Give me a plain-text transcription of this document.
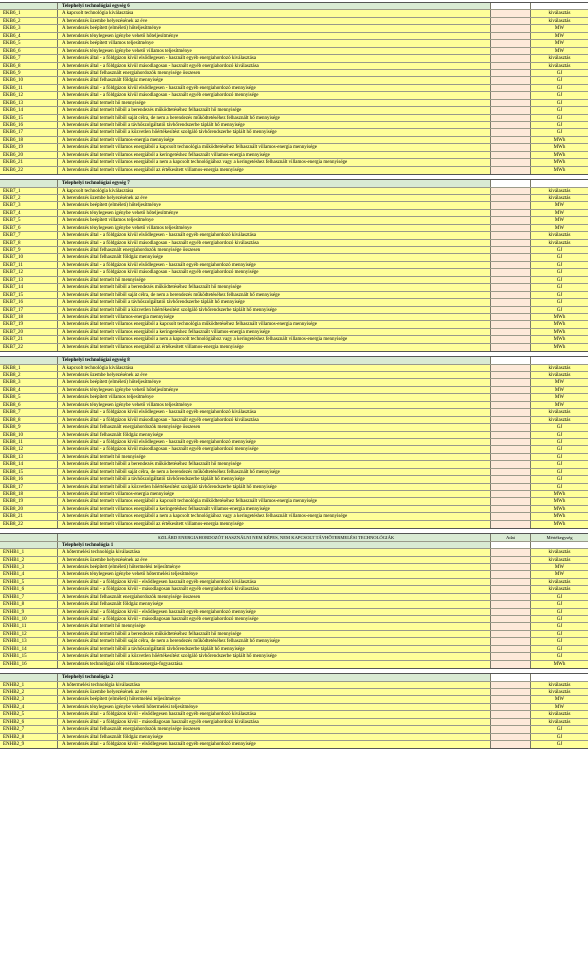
Telephelyi technológiai egység 6
ÉKB6_1	A kapcsolt technológia kiválasztása	kiválasztás
ÉKB6_2	A berendezés üzembe helyezésének az éve	kiválasztás
ÉKB6_3	A berendezés beépített (elméleti) hőteljesítménye	MW
ÉKB6_4	A berendezés ténylegesen igénybe vehető hőteljesítménye	MW
ÉKB6_5	A berendezés beépített villamos teljesítménye	MW
ÉKB6_6	A berendezés ténylegesen igénybe vehető villamos teljesítménye	MW
ÉKB6_7	A berendezés által - a földgázon kívül elsődlegesen - használt egyéb energiahordozó kiválasztása	kiválasztás
ÉKB6_8	A berendezés által - a földgázon kívül másodlagosan - használt egyéb energiahordozó kiválasztása	kiválasztás
ÉKB6_9	A berendezés által felhasznált energiahordozók mennyisége összesen	GJ
ÉKB6_10	A berendezés által felhasznált földgáz mennyisége	GJ
ÉKB6_11	A berendezés által - a földgázon kívül elsődlegesen - használt egyéb energiahordozó mennyisége	GJ
ÉKB6_12	A berendezés által - a földgázon kívül másodlagosan - használt egyéb energiahordozó mennyisége	GJ
ÉKB6_13	A berendezés által termelt hő mennyisége	GJ
ÉKB6_14	A berendezés által termelt hőből a berendezés működtetéséhez felhasznált hő mennyisége	GJ
ÉKB6_15	A berendezés által termelt hőből saját célra, de nem a berendezés működtetéséhez felhasznált hő mennyisége	GJ
ÉKB6_16	A berendezés által termelt hőből a távhőszolgáltatói távhőrendszerbe táplált hő mennyisége	GJ
ÉKB6_17	A berendezés által termelt hőből a közvetlen hőértékesítést szolgáló távhőrendszerbe táplált hő mennyisége	GJ
ÉKB6_18	A berendezés által termelt villamos-energia mennyisége	MWh
ÉKB6_19	A berendezés által termelt villamos energiából a kapcsolt technológia működtetéséhez felhasznált villamos-energia mennyisége	MWh
ÉKB6_20	A berendezés által termelt villamos energiából a keringetéshez felhasznált villamos-energia mennyisége	MWh
ÉKB6_21	A berendezés által termelt villamos energiából a nem a kapcsolt technológiához vagy a keringetéshez felhasznált villamos-energia mennyisége	MWh
ÉKB6_22	A berendezés által termelt villamos energiából az értékesített villamos-energia mennyisége	MWh
Telephelyi technológiai egység 7
ÉKB7_1	A kapcsolt technológia kiválasztása	kiválasztás
ÉKB7_2	A berendezés üzembe helyezésének az éve	kiválasztás
ÉKB7_3	A berendezés beépített (elméleti) hőteljesítménye	MW
ÉKB7_4	A berendezés ténylegesen igénybe vehető hőteljesítménye	MW
ÉKB7_5	A berendezés beépített villamos teljesítménye	MW
ÉKB7_6	A berendezés ténylegesen igénybe vehető villamos teljesítménye	MW
ÉKB7_7	A berendezés által - a földgázon kívül elsődlegesen - használt egyéb energiahordozó kiválasztása	kiválasztás
ÉKB7_8	A berendezés által - a földgázon kívül másodlagosan - használt egyéb energiahordozó kiválasztása	kiválasztás
ÉKB7_9	A berendezés által felhasznált energiahordozók mennyisége összesen	GJ
ÉKB7_10	A berendezés által felhasznált földgáz mennyisége	GJ
ÉKB7_11	A berendezés által - a földgázon kívül elsődlegesen - használt egyéb energiahordozó mennyisége	GJ
ÉKB7_12	A berendezés által - a földgázon kívül másodlagosan - használt egyéb energiahordozó mennyisége	GJ
ÉKB7_13	A berendezés által termelt hő mennyisége	GJ
ÉKB7_14	A berendezés által termelt hőből a berendezés működtetéséhez felhasznált hő mennyisége	GJ
ÉKB7_15	A berendezés által termelt hőből saját célra, de nem a berendezés működtetéséhez felhasznált hő mennyisége	GJ
ÉKB7_16	A berendezés által termelt hőből a távhőszolgáltatói távhőrendszerbe táplált hő mennyisége	GJ
ÉKB7_17	A berendezés által termelt hőből a közvetlen hőértékesítést szolgáló távhőrendszerbe táplált hő mennyisége	GJ
ÉKB7_18	A berendezés által termelt villamos-energia mennyisége	MWh
ÉKB7_19	A berendezés által termelt villamos energiából a kapcsolt technológia működtetéséhez felhasznált villamos-energia mennyisége	MWh
ÉKB7_20	A berendezés által termelt villamos energiából a keringetéshez felhasznált villamos-energia mennyisége	MWh
ÉKB7_21	A berendezés által termelt villamos energiából a nem a kapcsolt technológiához vagy a keringetéshez felhasznált villamos-energia mennyisége	MWh
ÉKB7_22	A berendezés által termelt villamos energiából az értékesített villamos-energia mennyisége	MWh
Telephelyi technológiai egység 8
ÉKB8_1	A kapcsolt technológia kiválasztása	kiválasztás
ÉKB8_2	A berendezés üzembe helyezésének az éve	kiválasztás
ÉKB8_3	A berendezés beépített (elméleti) hőteljesítménye	MW
ÉKB8_4	A berendezés ténylegesen igénybe vehető hőteljesítménye	MW
ÉKB8_5	A berendezés beépített villamos teljesítménye	MW
ÉKB8_6	A berendezés ténylegesen igénybe vehető villamos teljesítménye	MW
ÉKB8_7	A berendezés által - a földgázon kívül elsődlegesen - használt egyéb energiahordozó kiválasztása	kiválasztás
ÉKB8_8	A berendezés által - a földgázon kívül másodlagosan - használt egyéb energiahordozó kiválasztása	kiválasztás
ÉKB8_9	A berendezés által felhasznált energiahordozók mennyisége összesen	GJ
ÉKB8_10	A berendezés által felhasznált földgáz mennyisége	GJ
ÉKB8_11	A berendezés által - a földgázon kívül elsődlegesen - használt egyéb energiahordozó mennyisége	GJ
ÉKB8_12	A berendezés által - a földgázon kívül másodlagosan - használt egyéb energiahordozó mennyisége	GJ
ÉKB8_13	A berendezés által termelt hő mennyisége	GJ
ÉKB8_14	A berendezés által termelt hőből a berendezés működtetéséhez felhasznált hő mennyisége	GJ
ÉKB8_15	A berendezés által termelt hőből saját célra, de nem a berendezés működtetéséhez felhasznált hő mennyisége	GJ
ÉKB8_16	A berendezés által termelt hőből a távhőszolgáltatói távhőrendszerbe táplált hő mennyisége	GJ
ÉKB8_17	A berendezés által termelt hőből a közvetlen hőértékesítést szolgáló távhőrendszerbe táplált hő mennyisége	GJ
ÉKB8_18	A berendezés által termelt villamos-energia mennyisége	MWh
ÉKB8_19	A berendezés által termelt villamos energiából a kapcsolt technológia működtetéséhez felhasznált villamos-energia mennyisége	MWh
ÉKB8_20	A berendezés által termelt villamos energiából a keringetéshez felhasznált villamos-energia mennyisége	MWh
ÉKB8_21	A berendezés által termelt villamos energiából a nem a kapcsolt technológiához vagy a keringetéshez felhasznált villamos-energia mennyisége	MWh
ÉKB8_22	A berendezés által termelt villamos energiából az értékesített villamos-energia mennyisége	MWh
SZILÁRD ENERGIAHORDOZÓT HASZNÁLNI NEM KÉPES, NEM KAPCSOLT TÁVHŐTERMELÉSI TECHNOLÓGIÁK	Adat	Mértékegység
Telephelyi technológia 1
ÉNHB1_1	A hőtermelési technológia kiválasztása	kiválasztás
ÉNHB1_2	A berendezés üzembe helyezésének az éve	kiválasztás
ÉNHB1_3	A berendezés beépített (elméleti) hőtermelési teljesítménye	MW
ÉNHB1_4	A berendezés ténylegesen igénybe vehető hőtermelési teljesítménye	MW
ÉNHB1_5	A berendezés által - a földgázon kívül - elsődlegesen használt egyéb energiahordozó kiválasztása	kiválasztás
ÉNHB1_6	A berendezés által - a földgázon kívül - másodlagosan használt egyéb energiahordozó kiválasztása	kiválasztás
ÉNHB1_7	A berendezés által felhasznált energiahordozók mennyisége összesen	GJ
ÉNHB1_8	A berendezés által felhasznált földgáz mennyisége	GJ
ÉNHB1_9	A berendezés által - a földgázon kívül - elsődlegesen használt egyéb energiahordozó mennyisége	GJ
ÉNHB1_10	A berendezés által - a földgázon kívül - másodlagosan használt egyéb energiahordozó mennyisége	GJ
ÉNHB1_11	A berendezés által termelt hő mennyisége	GJ
ÉNHB1_12	A berendezés által termelt hőből a berendezés működtetéséhez felhasznált hő mennyisége	GJ
ÉNHB1_13	A berendezés által termelt hőből saját célra, de nem a berendezés működtetéséhez felhasznált hő mennyisége	GJ
ÉNHB1_14	A berendezés által termelt hőből a távhőszolgáltatói távhőrendszerbe táplált hő mennyisége	GJ
ÉNHB1_15	A berendezés által termelt hőből a közvetlen hőértékesítést szolgáló távhőrendszerbe táplált hő mennyisége	GJ
ÉNHB1_16	A berendezés technológiai célú villamosenergia-fogyasztása	MWh
Telephelyi technológia 2
ÉNHB2_1	A hőtermelési technológia kiválasztása	kiválasztás
ÉNHB2_2	A berendezés üzembe helyezésének az éve	kiválasztás
ÉNHB2_3	A berendezés beépített (elméleti) hőtermelési teljesítménye	MW
ÉNHB2_4	A berendezés ténylegesen igénybe vehető hőtermelési teljesítménye	MW
ÉNHB2_5	A berendezés által - a földgázon kívül - elsődlegesen használt egyéb energiahordozó kiválasztása	kiválasztás
ÉNHB2_6	A berendezés által - a földgázon kívül - másodlagosan használt egyéb energiahordozó kiválasztása	kiválasztás
ÉNHB2_7	A berendezés által felhasznált energiahordozók mennyisége összesen	GJ
ÉNHB2_8	A berendezés által felhasznált földgáz mennyisége	GJ
ÉNHB2_9	A berendezés által - a földgázon kívül - elsődlegesen használt egyéb energiahordozó mennyisége	GJ
